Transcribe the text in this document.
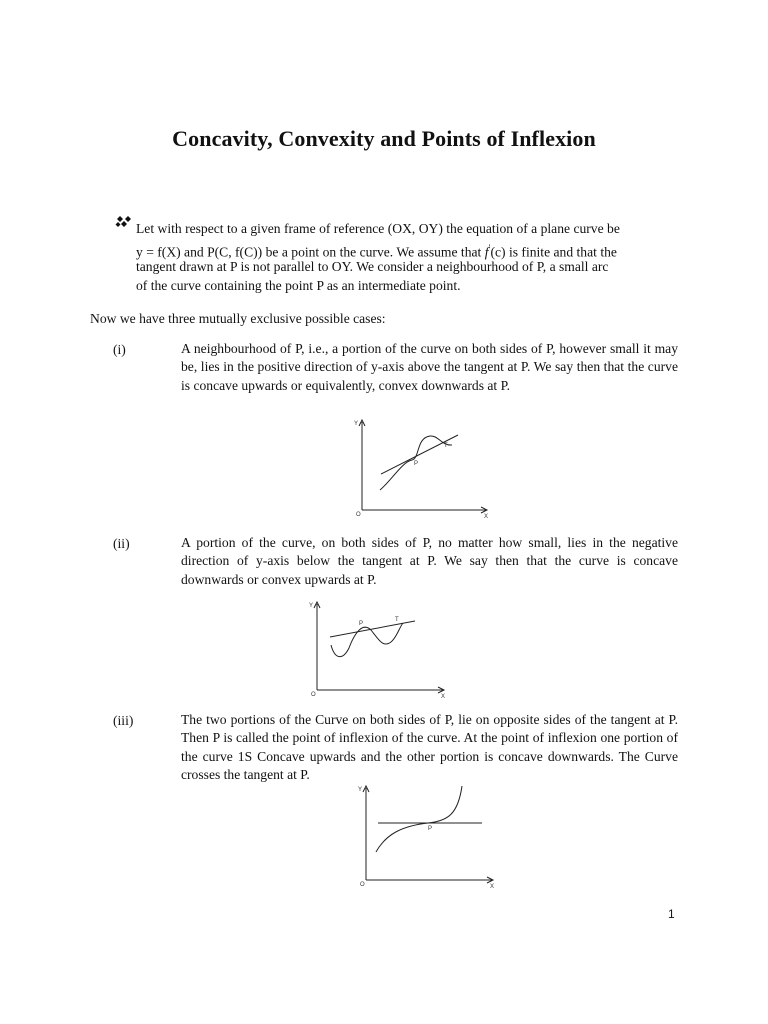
Concavity, Convexity and Points of Inflexion
Let with respect to a given frame of reference (OX, OY) the equation of a plane curve be
y = f(X) and P(C, f(C)) be a point on the curve. We assume that f′(c) is finite and that the
tangent drawn at P is not parallel to OY. We consider a neighbourhood of P, a small arc
of the curve containing the point P as an intermediate point.
Now we have three mutually exclusive possible cases:
(i)	A neighbourhood of P, i.e., a portion of the curve on both sides of P, however small it may be, lies in the positive direction of y-axis above the tangent at P. We say then that the curve is concave upwards or equivalently, convex downwards at P.
Y
O	X
P
T
(ii)	A portion of the curve, on both sides of P, no matter how small, lies in the negative direction of y-axis below the tangent at P. We say then that the curve is concave downwards or convex upwards at P.
Y
O	X
P
T
(iii)	The two portions of the Curve on both sides of P, lie on opposite sides of the tangent at P. Then P is called the point of inflexion of the curve. At the point of inflexion one portion of the curve 1S Concave upwards and the other portion is concave downwards. The Curve crosses the tangent at P.
Y
O	X
P
1
